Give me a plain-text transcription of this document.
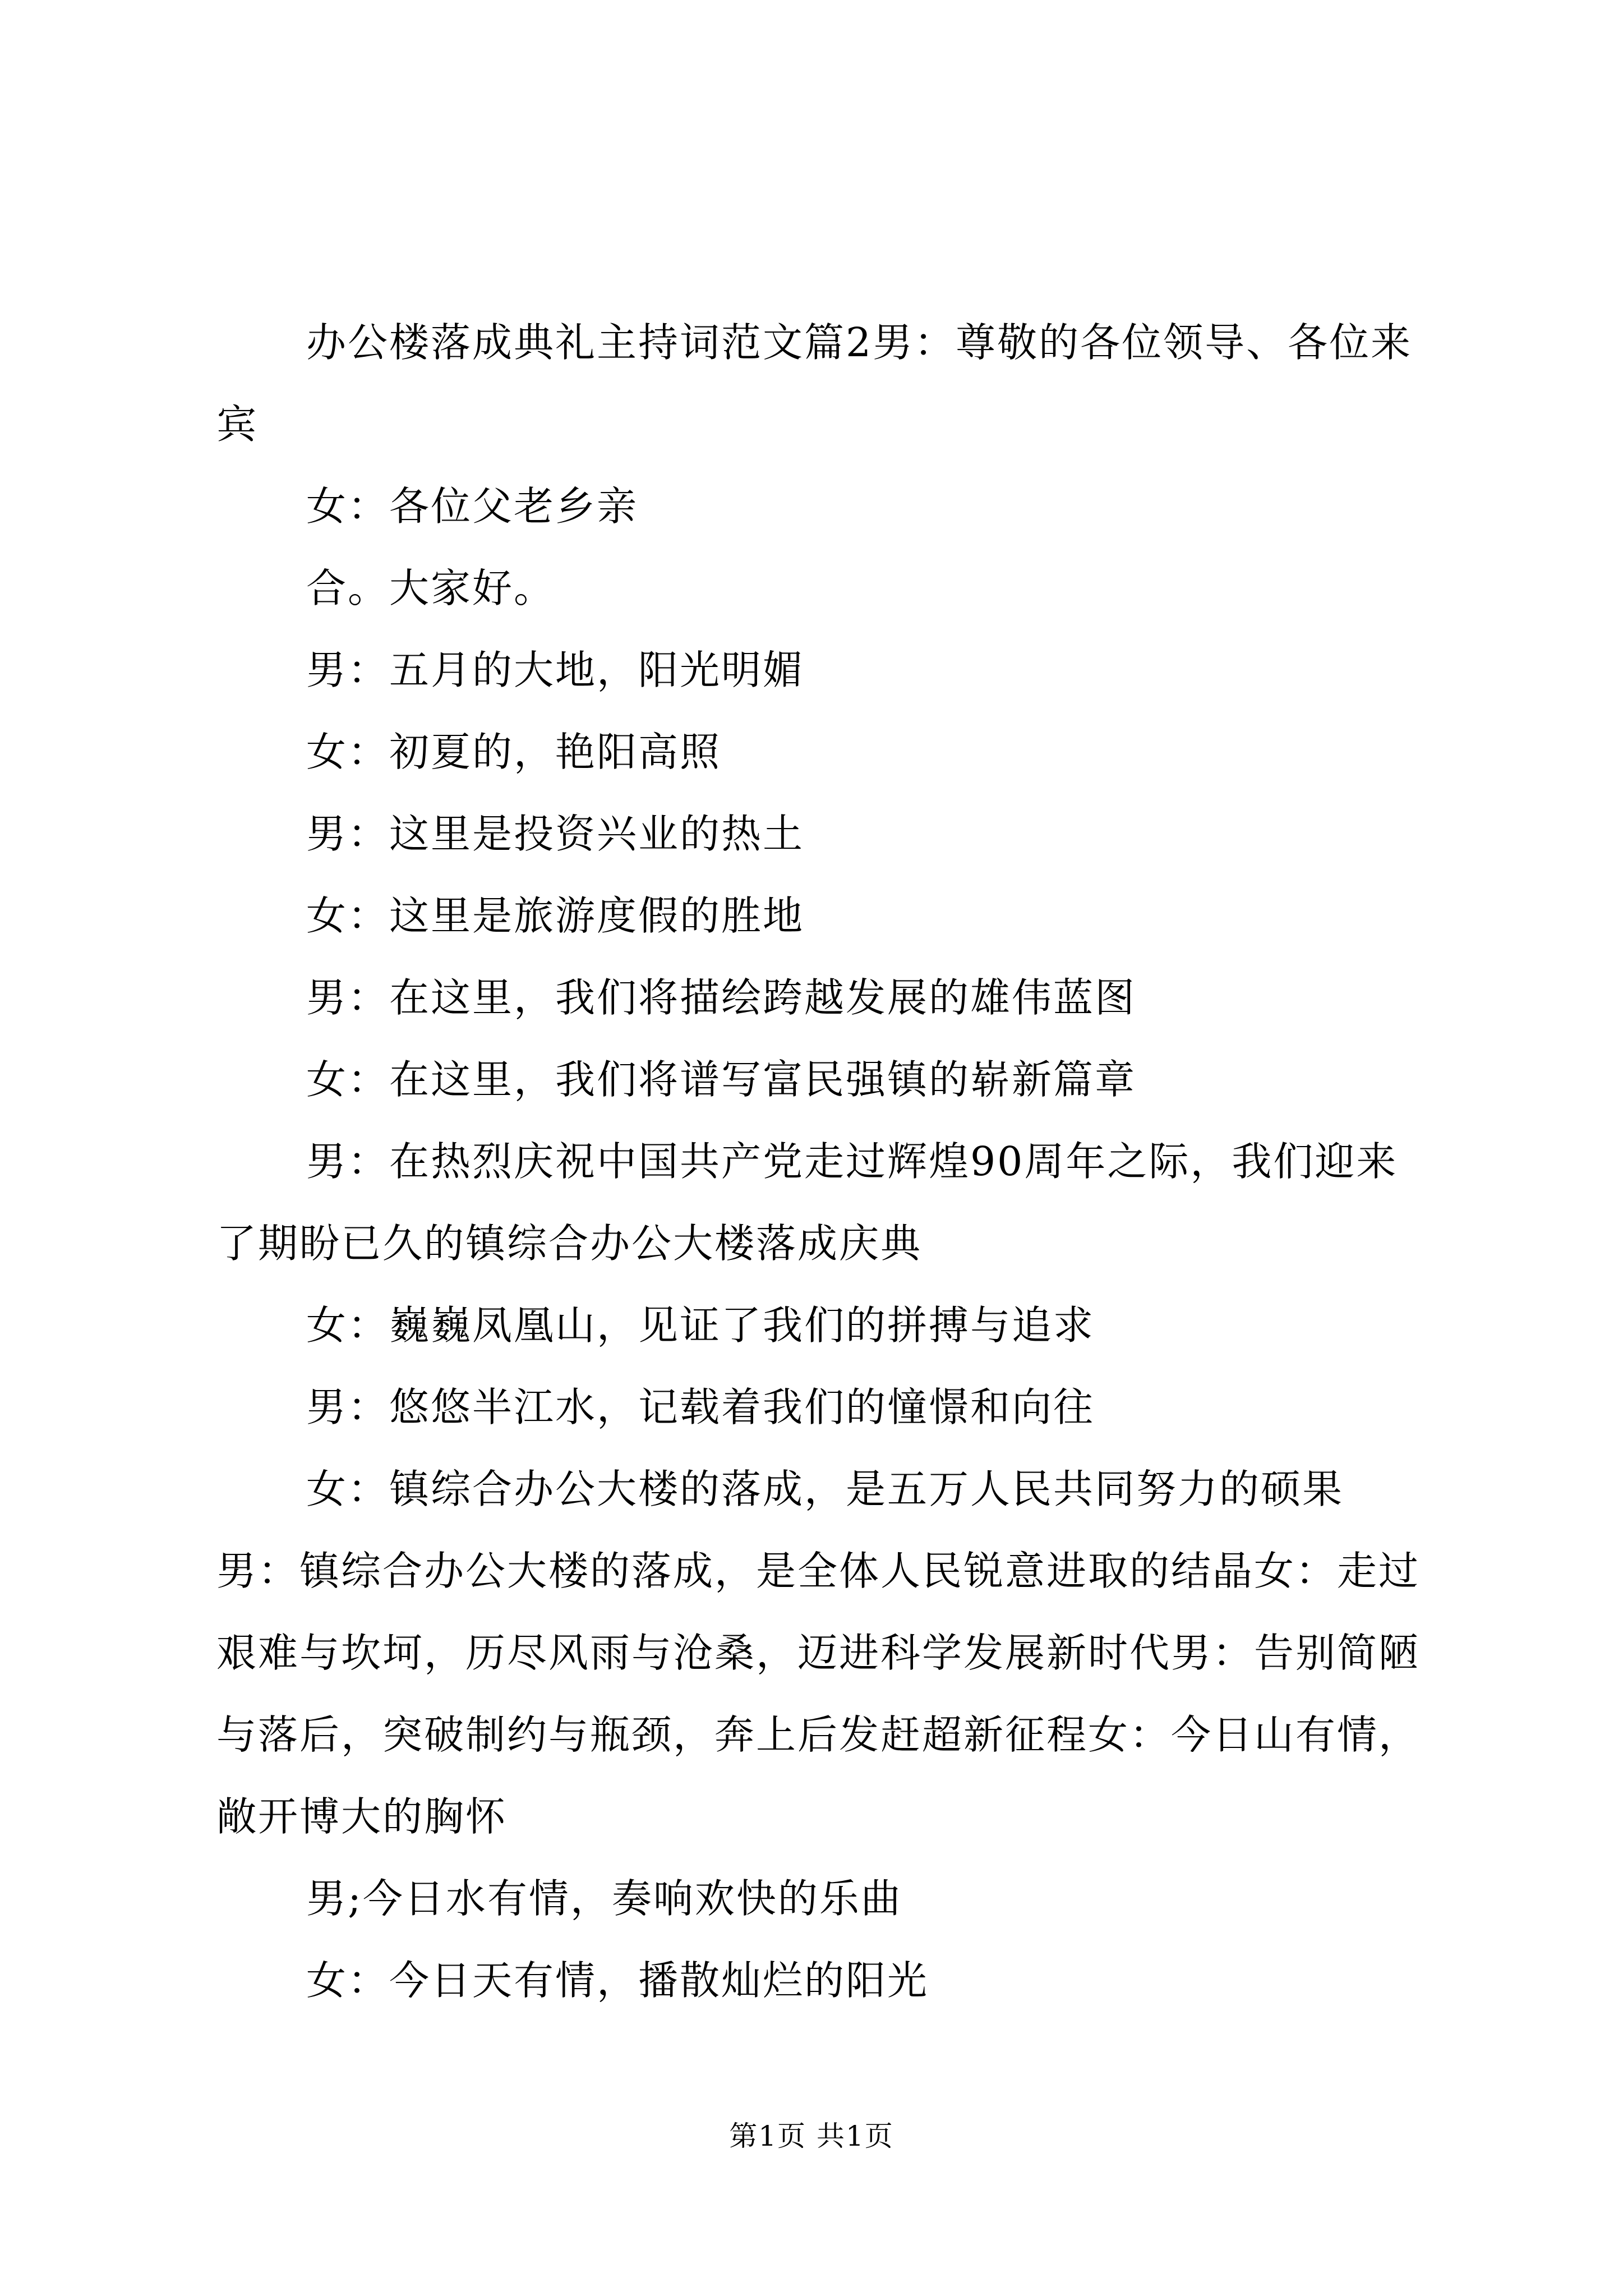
办公楼落成典礼主持词范文篇2男：尊敬的各位领导、各位来宾

女：各位父老乡亲

合。大家好。

男：五月的大地，阳光明媚

女：初夏的，艳阳高照

男：这里是投资兴业的热土

女：这里是旅游度假的胜地

男：在这里，我们将描绘跨越发展的雄伟蓝图

女：在这里，我们将谱写富民强镇的崭新篇章

男：在热烈庆祝中国共产党走过辉煌90周年之际，我们迎来了期盼已久的镇综合办公大楼落成庆典

女：巍巍凤凰山，见证了我们的拼搏与追求

男：悠悠半江水，记载着我们的憧憬和向往

女：镇综合办公大楼的落成，是五万人民共同努力的硕果男：镇综合办公大楼的落成，是全体人民锐意进取的结晶女：走过艰难与坎坷，历尽风雨与沧桑，迈进科学发展新时代男：告别简陋与落后，突破制约与瓶颈，奔上后发赶超新征程女：今日山有情，敞开博大的胸怀

男;今日水有情，奏响欢快的乐曲

女：今日天有情，播散灿烂的阳光

第1页 共1页
